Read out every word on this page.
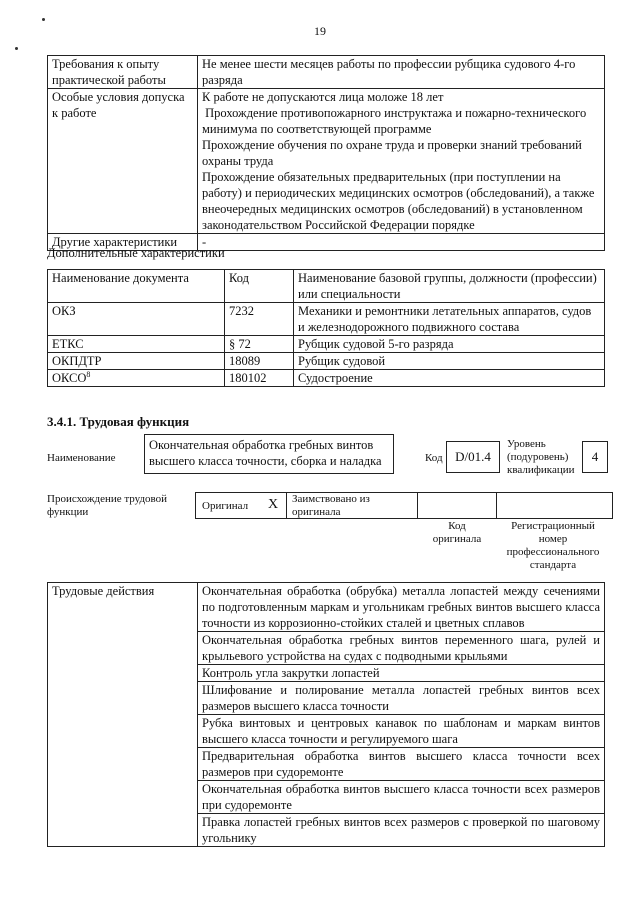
19
Требования к опыту практической работы	Не менее шести месяцев работы по профессии рубщика судового 4-го разряда

Особые условия допуска к работе	К работе не допускаются лица моложе 18 лет
Прохождение противопожарного инструктажа и пожарно-технического минимума по соответствующей программе
Прохождение обучения по охране труда и проверки знаний требований охраны труда
Прохождение обязательных предварительных (при поступлении на работу) и периодических медицинских осмотров (обследований), а также внеочередных медицинских осмотров (обследований) в установленном законодательством Российской Федерации порядке

Другие характеристики	-
Дополнительные характеристики
Наименование документа	Код	Наименование базовой группы, должности (профессии) или специальности
ОКЗ	7232	Механики и ремонтники летательных аппаратов, судов и железнодорожного подвижного состава
ЕТКС	§ 72	Рубщик судовой 5-го разряда
ОКПДТР	18089	Рубщик судовой
ОКСО$^8$	180102	Судостроение
3.4.1. Трудовая функция
Наименование
Окончательная обработка гребных винтов высшего класса точности, сборка и наладка	Код D/01.4
Уровень (подуровень) квалификации
4
Происхождение трудовой функции	Оригинал X Заимствовано из оригинала
Код оригинала
Регистрационный номер профессионального стандарта
Трудовые действия	Окончательная обработка (обрубка) металла лопастей между сечениями по подготовленным маркам и угольникам гребных винтов высшего класса точности из коррозионно-стойких сталей и цветных сплавов
Окончательная обработка гребных винтов переменного шага, рулей и крыльевого устройства на судах с подводными крыльями
Контроль угла закрутки лопастей
Шлифование и полирование металла лопастей гребных винтов всех размеров высшего класса точности
Рубка винтовых и центровых канавок по шаблонам и маркам винтов высшего класса точности и регулируемого шага
Предварительная обработка винтов высшего класса точности всех размеров при судоремонте
Окончательная обработка винтов высшего класса точности всех размеров при судоремонте
Правка лопастей гребных винтов всех размеров с проверкой по шаговому угольнику
